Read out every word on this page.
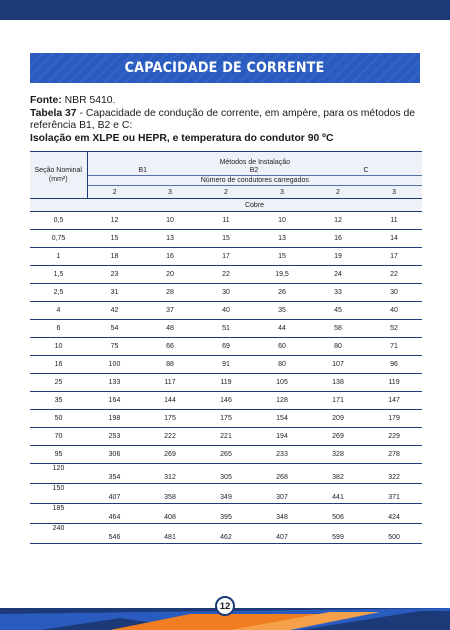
CAPACIDADE DE CORRENTE
Fonte: NBR 5410.
Tabela 37 - Capacidade de condução de corrente, em ampère, para os métodos de referência B1, B2 e C:
Isolação em XLPE ou HEPR, e temperatura do condutor 90 ºC
Seção Nominal (mm²)	Métodos de Instalação					
	B1		B2		C	
	Número de condutores carregados					
	2	3	2	3	2	3
	Cobre					
0,5	12	10	11	10	12	11
0,75	15	13	15	13	16	14
1	18	16	17	15	19	17
1,5	23	20	22	19,5	24	22
2,5	31	28	30	26	33	30
4	42	37	40	35	45	40
6	54	48	51	44	58	52
10	75	66	69	60	80	71
16	100	88	91	80	107	96
25	133	117	119	105	138	119
35	164	144	146	128	171	147
50	198	175	175	154	209	179
70	253	222	221	194	269	229
95	306	269	265	233	328	278
120	354	312	305	268	382	322
150	407	358	349	307	441	371
185	464	408	395	348	506	424
240	546	481	462	407	599	500
12
